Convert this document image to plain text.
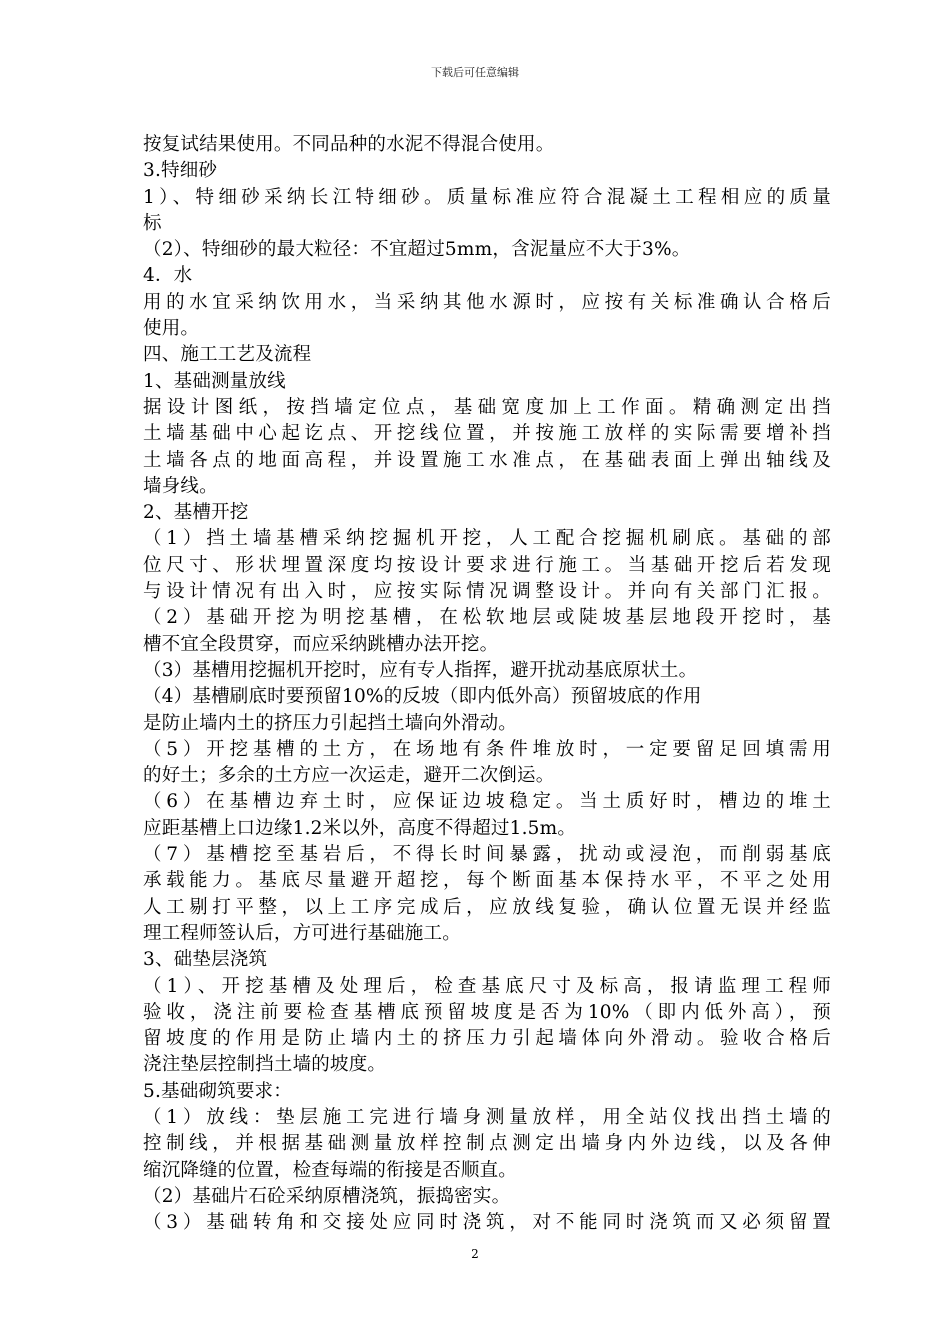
下载后可任意编辑
按复试结果使用。不同品种的水泥不得混合使用。
3.特细砂
1）、特细砂采纳长江特细砂。质量标准应符合混凝土工程相应的质量
标
（2）、特细砂的最大粒径：不宜超过5mm，含泥量应不大于3%。
4．水
用的水宜采纳饮用水，当采纳其他水源时，应按有关标准确认合格后
使用。
四、施工工艺及流程
1、基础测量放线
据设计图纸，按挡墙定位点，基础宽度加上工作面。精确测定出挡
土墙基础中心起讫点、开挖线位置，并按施工放样的实际需要增补挡
土墙各点的地面高程，并设置施工水准点，在基础表面上弹出轴线及
墙身线。
2、基槽开挖
（1）挡土墙基槽采纳挖掘机开挖，人工配合挖掘机刷底。基础的部
位尺寸、形状埋置深度均按设计要求进行施工。当基础开挖后若发现
与设计情况有出入时，应按实际情况调整设计。并向有关部门汇报。
（2）基础开挖为明挖基槽，在松软地层或陡坡基层地段开挖时，基
槽不宜全段贯穿，而应采纳跳槽办法开挖。
（3）基槽用挖掘机开挖时，应有专人指挥，避开扰动基底原状土。
（4）基槽刷底时要预留10%的反坡（即内低外高）预留坡底的作用
是防止墙内土的挤压力引起挡土墙向外滑动。
（5）开挖基槽的土方，在场地有条件堆放时，一定要留足回填需用
的好土；多余的土方应一次运走，避开二次倒运。
（6）在基槽边弃土时，应保证边坡稳定。当土质好时，槽边的堆土
应距基槽上口边缘1.2米以外，高度不得超过1.5m。
（7）基槽挖至基岩后，不得长时间暴露，扰动或浸泡，而削弱基底
承载能力。基底尽量避开超挖，每个断面基本保持水平，不平之处用
人工剔打平整，以上工序完成后，应放线复验，确认位置无误并经监
理工程师签认后，方可进行基础施工。
3、础垫层浇筑
（1）、开挖基槽及处理后，检查基底尺寸及标高，报请监理工程师
验收，浇注前要检查基槽底预留坡度是否为10%（即内低外高），预
留坡度的作用是防止墙内土的挤压力引起墙体向外滑动。验收合格后
浇注垫层控制挡土墙的坡度。
5.基础砌筑要求：
（1）放线：垫层施工完进行墙身测量放样，用全站仪找出挡土墙的
控制线，并根据基础测量放样控制点测定出墙身内外边线，以及各伸
缩沉降缝的位置，检查每端的衔接是否顺直。
（2）基础片石砼采纳原槽浇筑，振捣密实。
（3）基础转角和交接处应同时浇筑，对不能同时浇筑而又必须留置
2
